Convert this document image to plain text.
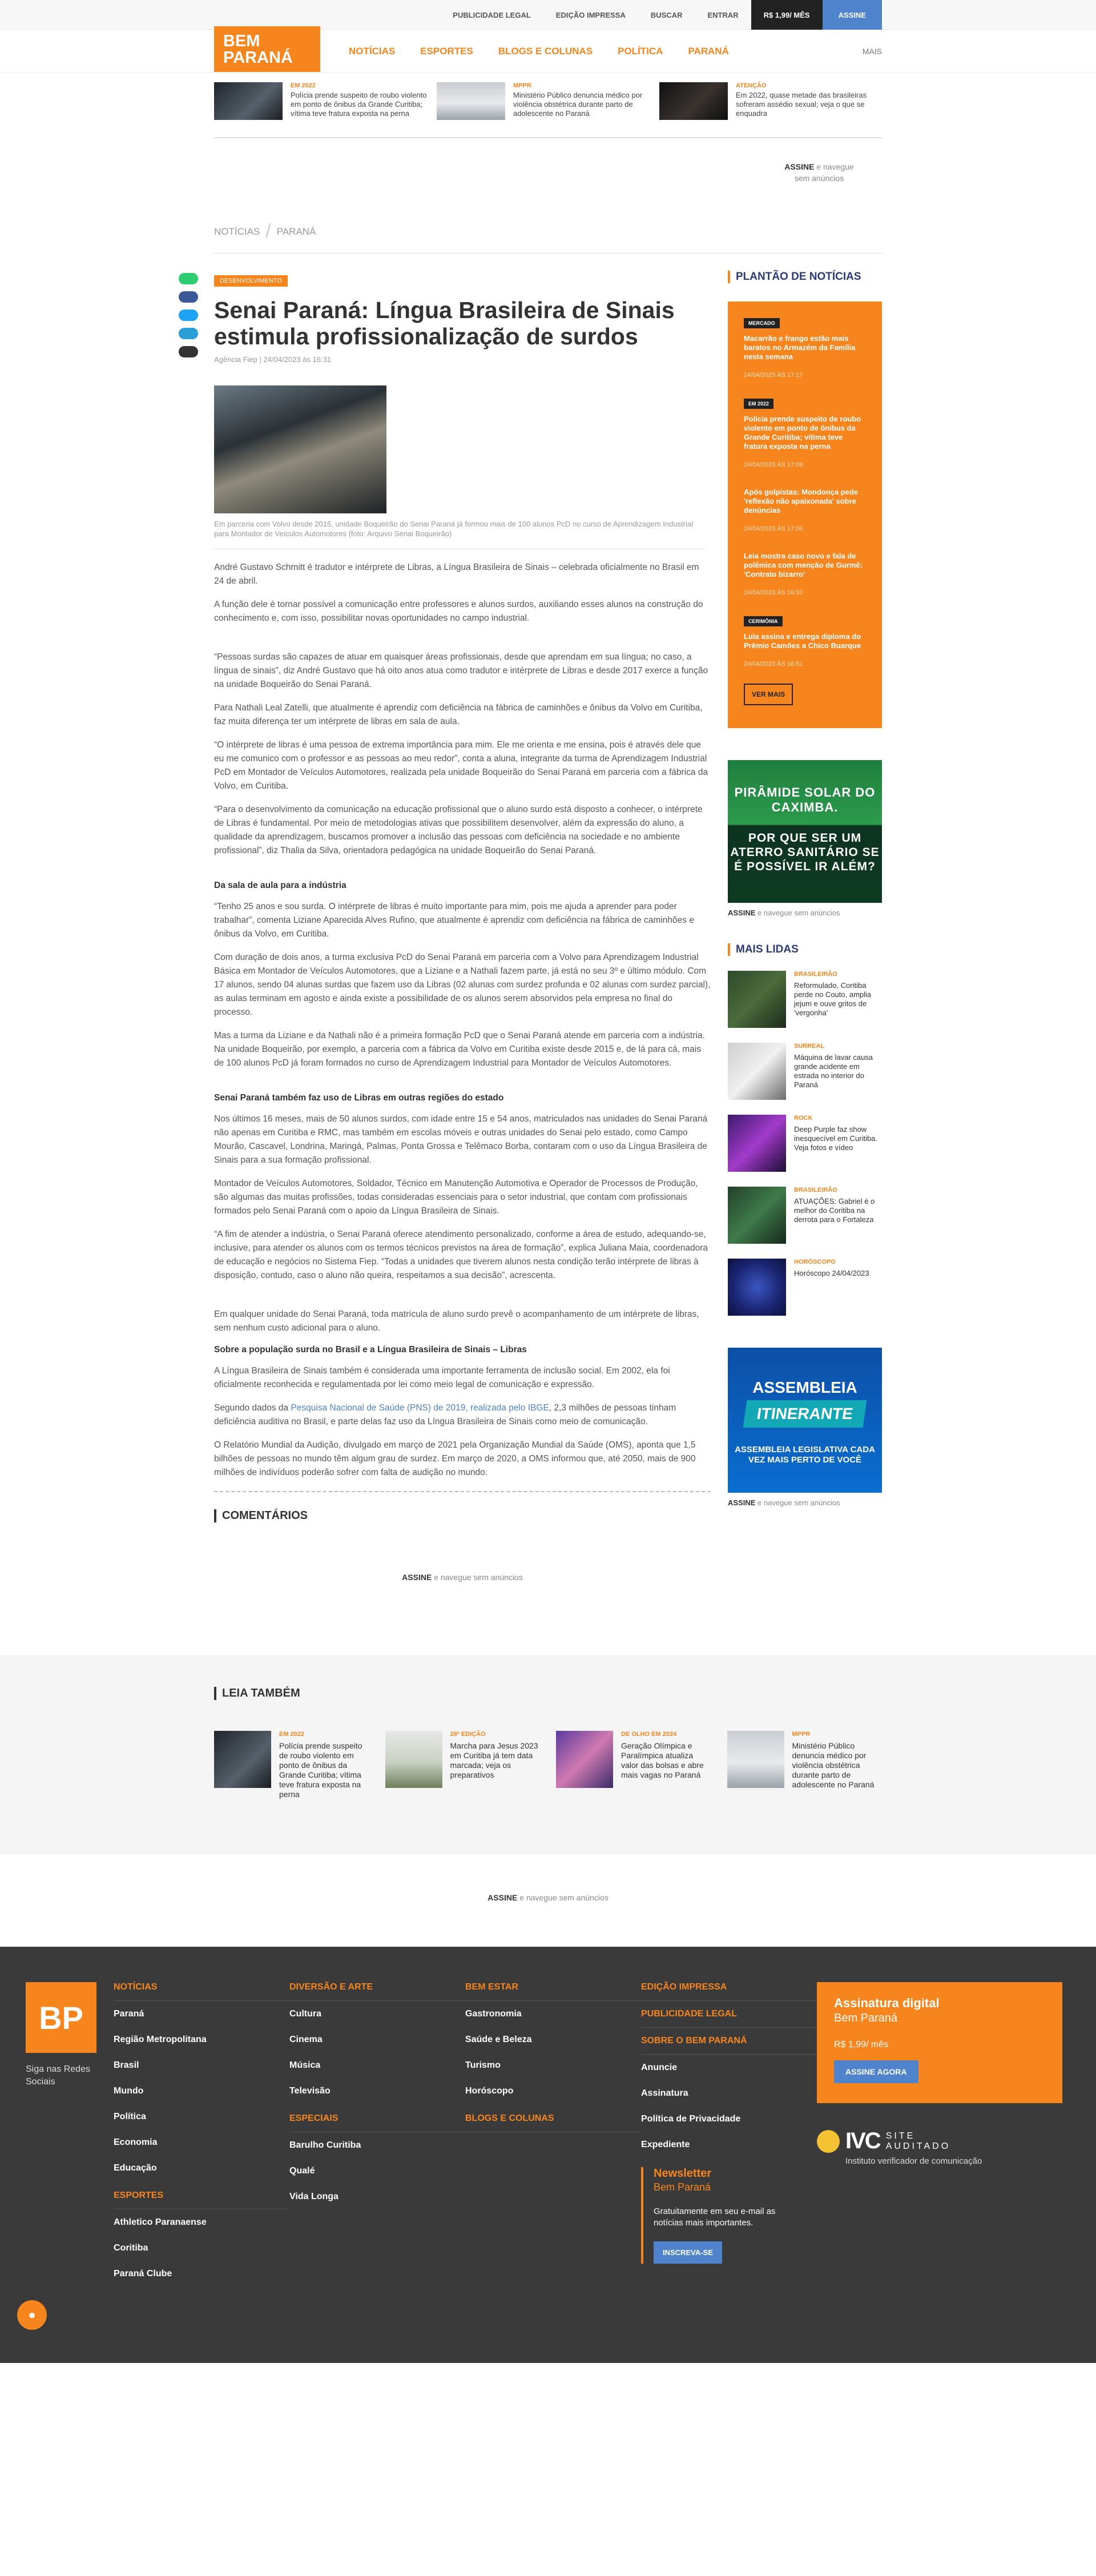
PUBLICIDADE LEGAL	EDIÇÃO IMPRESSA	BUSCAR	ENTRAR	R$ 1,99/ MÊS	ASSINE
BEM
PARANÁ	NOTÍCIAS	ESPORTES	BLOGS E COLUNAS	POLÍTICA	PARANÁ	MAIS
EM 2022
Polícia prende suspeito de roubo violento em ponto de ônibus da Grande Curitiba; vítima teve fratura exposta na perna
MPPR
Ministério Público denuncia médico por violência obstétrica durante parto de adolescente no Paraná
ATENÇÃO
Em 2022, quase metade das brasileiras sofreram assédio sexual; veja o que se enquadra
ASSINE e navegue
sem anúncios
NOTÍCIAS / PARANÁ
DESENVOLVIMENTO
Senai Paraná: Língua Brasileira de Sinais estimula profissionalização de surdos
Agência Fiep | 24/04/2023 às 16:31
Em parceria com Volvo desde 2015, unidade Boqueirão do Senai Paraná já formou mais de 100 alunos PcD no curso de Aprendizagem Industrial para Montador de Veículos Automotores (foto: Arquivo Senai Boqueirão)

André Gustavo Schmitt é tradutor e intérprete de Libras, a Língua Brasileira de Sinais – celebrada oficialmente no Brasil em 24 de abril.

A função dele é tornar possível a comunicação entre professores e alunos surdos, auxiliando esses alunos na construção do conhecimento e, com isso, possibilitar novas oportunidades no campo industrial.

“Pessoas surdas são capazes de atuar em quaisquer áreas profissionais, desde que aprendam em sua língua; no caso, a língua de sinais”, diz André Gustavo que há oito anos atua como tradutor e intérprete de Libras e desde 2017 exerce a função na unidade Boqueirão do Senai Paraná.

Para Nathali Leal Zatelli, que atualmente é aprendiz com deficiência na fábrica de caminhões e ônibus da Volvo em Curitiba, faz muita diferença ter um intérprete de libras em sala de aula.

“O intérprete de libras é uma pessoa de extrema importância para mim. Ele me orienta e me ensina, pois é através dele que eu me comunico com o professor e as pessoas ao meu redor”, conta a aluna, integrante da turma de Aprendizagem Industrial PcD em Montador de Veículos Automotores, realizada pela unidade Boqueirão do Senai Paraná em parceria com a fábrica da Volvo, em Curitiba.

“Para o desenvolvimento da comunicação na educação profissional que o aluno surdo está disposto a conhecer, o intérprete de Libras é fundamental. Por meio de metodologias ativas que possibilitem desenvolver, além da expressão do aluno, a qualidade da aprendizagem, buscamos promover a inclusão das pessoas com deficiência na sociedade e no ambiente profissional”, diz Thalia da Silva, orientadora pedagógica na unidade Boqueirão do Senai Paraná.

Da sala de aula para a indústria

“Tenho 25 anos e sou surda. O intérprete de libras é muito importante para mim, pois me ajuda a aprender para poder trabalhar”, comenta Liziane Aparecida Alves Rufino, que atualmente é aprendiz com deficiência na fábrica de caminhões e ônibus da Volvo, em Curitiba.

Com duração de dois anos, a turma exclusiva PcD do Senai Paraná em parceria com a Volvo para Aprendizagem Industrial Básica em Montador de Veículos Automotores, que a Liziane e a Nathali fazem parte, já está no seu 3º e último módulo. Com 17 alunos, sendo 04 alunas surdas que fazem uso da Libras (02 alunas com surdez profunda e 02 alunas com surdez parcial), as aulas terminam em agosto e ainda existe a possibilidade de os alunos serem absorvidos pela empresa no final do processo.

Mas a turma da Liziane e da Nathali não é a primeira formação PcD que o Senai Paraná atende em parceria com a indústria. Na unidade Boqueirão, por exemplo, a parceria com a fábrica da Volvo em Curitiba existe desde 2015 e, de lá para cá, mais de 100 alunos PcD já foram formados no curso de Aprendizagem Industrial para Montador de Veículos Automotores.

Senai Paraná também faz uso de Libras em outras regiões do estado

Nos últimos 16 meses, mais de 50 alunos surdos, com idade entre 15 e 54 anos, matriculados nas unidades do Senai Paraná não apenas em Curitiba e RMC, mas também em escolas móveis e outras unidades do Senai pelo estado, como Campo Mourão, Cascavel, Londrina, Maringá, Palmas, Ponta Grossa e Telêmaco Borba, contaram com o uso da Língua Brasileira de Sinais para a sua formação profissional.

Montador de Veículos Automotores, Soldador, Técnico em Manutenção Automotiva e Operador de Processos de Produção, são algumas das muitas profissões, todas consideradas essenciais para o setor industrial, que contam com profissionais formados pelo Senai Paraná com o apoio da Língua Brasileira de Sinais.

“A fim de atender a indústria, o Senai Paraná oferece atendimento personalizado, conforme a área de estudo, adequando-se, inclusive, para atender os alunos com os termos técnicos previstos na área de formação”, explica Juliana Maia, coordenadora de educação e negócios no Sistema Fiep. “Todas a unidades que tiverem alunos nesta condição terão intérprete de libras à disposição, contudo, caso o aluno não queira, respeitamos a sua decisão”, acrescenta.

Em qualquer unidade do Senai Paraná, toda matrícula de aluno surdo prevê o acompanhamento de um intérprete de libras, sem nenhum custo adicional para o aluno.

Sobre a população surda no Brasil e a Língua Brasileira de Sinais – Libras

A Língua Brasileira de Sinais também é considerada uma importante ferramenta de inclusão social. Em 2002, ela foi oficialmente reconhecida e regulamentada por lei como meio legal de comunicação e expressão.

Segundo dados da Pesquisa Nacional de Saúde (PNS) de 2019, realizada pelo IBGE, 2,3 milhões de pessoas tinham deficiência auditiva no Brasil, e parte delas faz uso da Língua Brasileira de Sinais como meio de comunicação.

O Relatório Mundial da Audição, divulgado em março de 2021 pela Organização Mundial da Saúde (OMS), aponta que 1,5 bilhões de pessoas no mundo têm algum grau de surdez. Em março de 2020, a OMS informou que, até 2050, mais de 900 milhões de indivíduos poderão sofrer com falta de audição no mundo.

COMENTÁRIOS
ASSINE e navegue sem anúncios
PLANTÃO DE NOTÍCIAS
MERCADO
Macarrão e frango estão mais baratos no Armazém da Família nesta semana
24/04/2023 ÀS 17:17
EM 2022
Polícia prende suspeito de roubo violento em ponto de ônibus da Grande Curitiba; vítima teve fratura exposta na perna
24/04/2023 ÀS 17:09
Após golpistas: Mondonça pede 'reflexão não apaixonada' sobre denúncias
24/04/2023 ÀS 17:06
Leia mostra caso novo e fala de polêmica com menção de Gurmê: 'Contrato bizarro'
24/04/2023 ÀS 16:32
CERIMÔNIA
Lula assina e entrega diploma do Prêmio Camões a Chico Buarque
24/04/2023 ÀS 16:51
VER MAIS
PIRÂMIDE SOLAR DO CAXIMBA.
POR QUE SER UM ATERRO SANITÁRIO SE É POSSÍVEL IR ALÉM?
ASSINE e navegue sem anúncios
MAIS LIDAS
BRASILEIRÃO
Reformulado, Coritiba perde no Couto, amplia jejum e ouve gritos de 'vergonha'
SURREAL
Máquina de lavar causa grande acidente em estrada no interior do Paraná
ROCK
Deep Purple faz show inesquecível em Curitiba. Veja fotos e vídeo
BRASILEIRÃO
ATUAÇÕES: Gabriel é o melhor do Coritiba na derrota para o Fortaleza
HORÓSCOPO
Horóscopo 24/04/2023
ASSEMBLEIA
ITINERANTE
ASSEMBLEIA LEGISLATIVA CADA VEZ MAIS PERTO DE VOCÊ
ASSINE e navegue sem anúncios
LEIA TAMBÉM
EM 2022
Polícia prende suspeito de roubo violento em ponto de ônibus da Grande Curitiba; vítima teve fratura exposta na perna
28ª EDIÇÃO
Marcha para Jesus 2023 em Curitiba já tem data marcada; veja os preparativos
DE OLHO EM 2024
Geração Olímpica e Paralímpica atualiza valor das bolsas e abre mais vagas no Paraná
MPPR
Ministério Público denuncia médico por violência obstétrica durante parto de adolescente no Paraná
ASSINE e navegue sem anúncios
BP
Siga nas Redes Sociais
NOTÍCIAS
Paraná
Região Metropolitana
Brasil
Mundo
Política
Economia
Educação
ESPORTES
Athletico Paranaense
Coritiba
Paraná Clube
DIVERSÃO E ARTE
Cultura
Cinema
Música
Televisão
ESPECIAIS
Barulho Curitiba
Qualé
Vida Longa
BEM ESTAR
Gastronomia
Saúde e Beleza
Turismo
Horóscopo
BLOGS E COLUNAS
EDIÇÃO IMPRESSA
PUBLICIDADE LEGAL
SOBRE O BEM PARANÁ
Anuncie
Assinatura
Política de Privacidade
Expediente
Newsletter
Bem Paraná
Gratuitamente em seu e-mail as notícias mais importantes.
INSCREVA-SE
Assinatura digital
Bem Paraná
R$ 1,99/ mês
ASSINE AGORA
IVC SITE
AUDITADO
Instituto verificador de comunicação
●
